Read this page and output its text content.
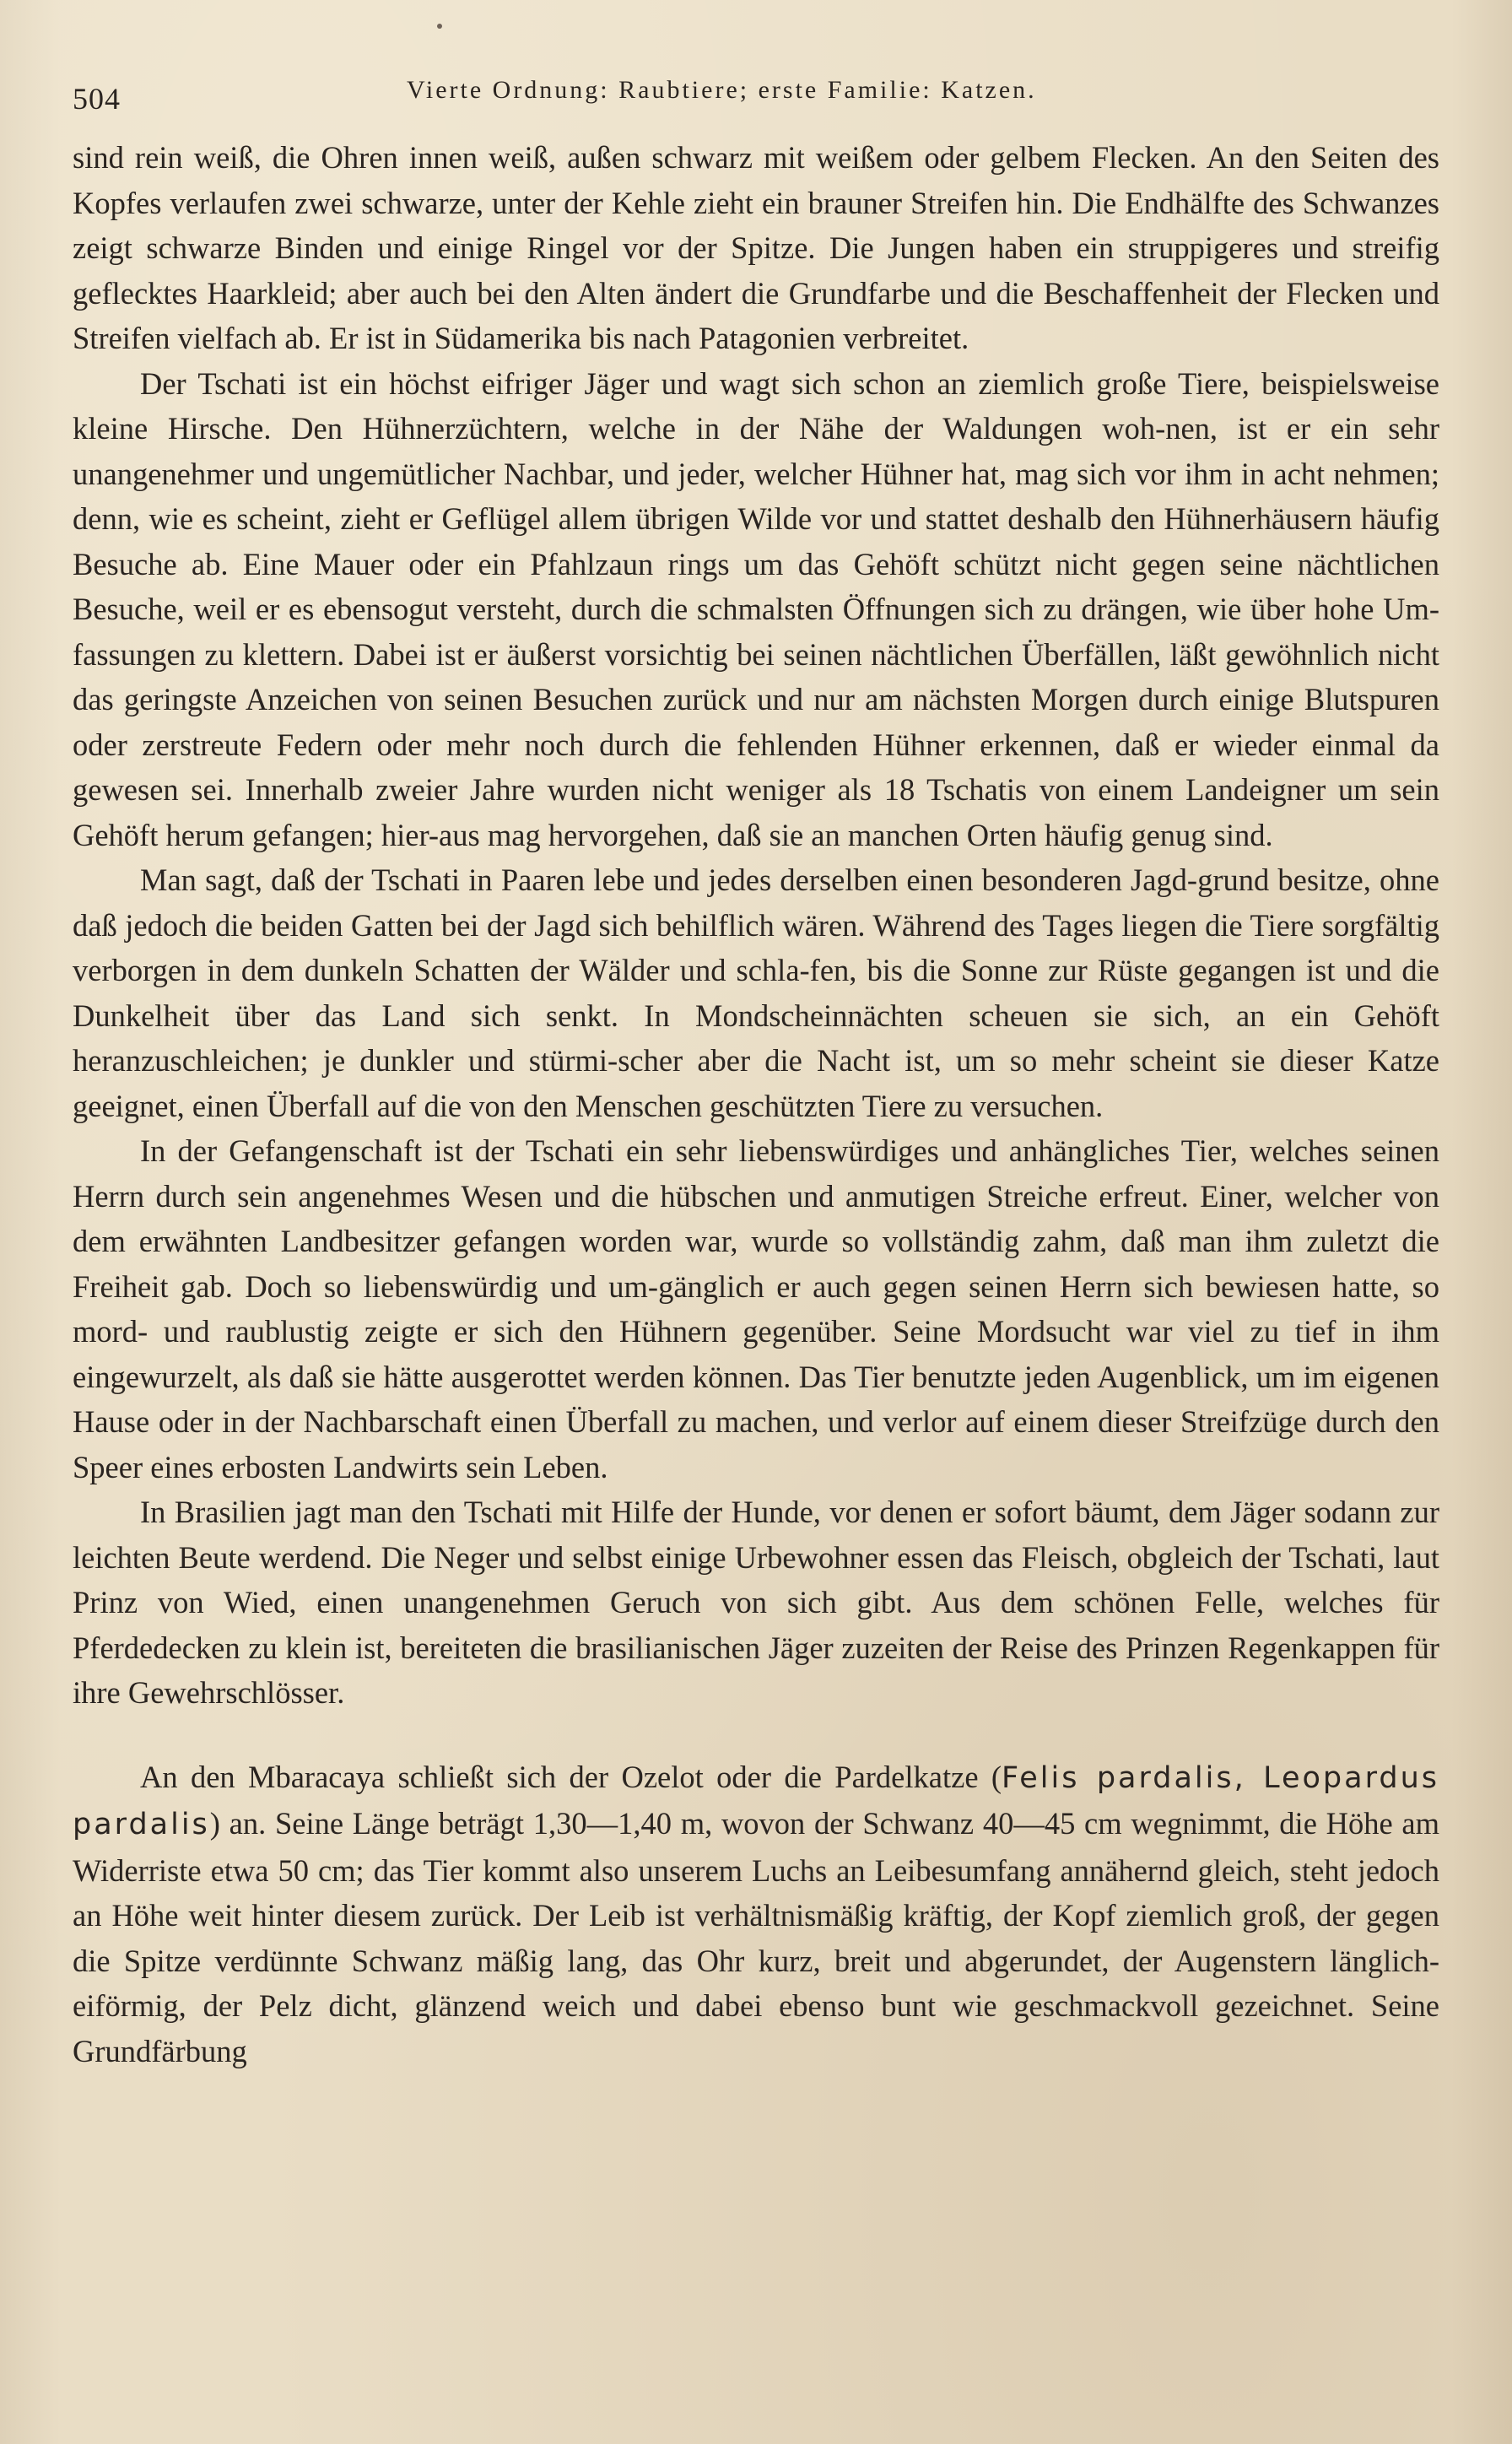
504	Vierte Ordnung: Raubtiere; erste Familie: Katzen.

sind rein weiß, die Ohren innen weiß, außen schwarz mit weißem oder gelbem Flecken. An den Seiten des Kopfes verlaufen zwei schwarze, unter der Kehle zieht ein brauner Streifen hin. Die Endhälfte des Schwanzes zeigt schwarze Binden und einige Ringel vor der Spitze. Die Jungen haben ein struppigeres und streifig geflecktes Haarkleid; aber auch bei den Alten ändert die Grundfarbe und die Beschaffenheit der Flecken und Streifen vielfach ab. Er ist in Südamerika bis nach Patagonien verbreitet.

Der Tschati ist ein höchst eifriger Jäger und wagt sich schon an ziemlich große Tiere, beispielsweise kleine Hirsche. Den Hühnerzüchtern, welche in der Nähe der Waldungen woh-nen, ist er ein sehr unangenehmer und ungemütlicher Nachbar, und jeder, welcher Hühner hat, mag sich vor ihm in acht nehmen; denn, wie es scheint, zieht er Geflügel allem übrigen Wilde vor und stattet deshalb den Hühnerhäusern häufig Besuche ab. Eine Mauer oder ein Pfahlzaun rings um das Gehöft schützt nicht gegen seine nächtlichen Besuche, weil er es ebensogut versteht, durch die schmalsten Öffnungen sich zu drängen, wie über hohe Um-fassungen zu klettern. Dabei ist er äußerst vorsichtig bei seinen nächtlichen Überfällen, läßt gewöhnlich nicht das geringste Anzeichen von seinen Besuchen zurück und nur am nächsten Morgen durch einige Blutspuren oder zerstreute Federn oder mehr noch durch die fehlenden Hühner erkennen, daß er wieder einmal da gewesen sei. Innerhalb zweier Jahre wurden nicht weniger als 18 Tschatis von einem Landeigner um sein Gehöft herum gefangen; hier-aus mag hervorgehen, daß sie an manchen Orten häufig genug sind.

Man sagt, daß der Tschati in Paaren lebe und jedes derselben einen besonderen Jagd-grund besitze, ohne daß jedoch die beiden Gatten bei der Jagd sich behilflich wären. Während des Tages liegen die Tiere sorgfältig verborgen in dem dunkeln Schatten der Wälder und schla-fen, bis die Sonne zur Rüste gegangen ist und die Dunkelheit über das Land sich senkt. In Mondscheinnächten scheuen sie sich, an ein Gehöft heranzuschleichen; je dunkler und stürmi-scher aber die Nacht ist, um so mehr scheint sie dieser Katze geeignet, einen Überfall auf die von den Menschen geschützten Tiere zu versuchen.

In der Gefangenschaft ist der Tschati ein sehr liebenswürdiges und anhängliches Tier, welches seinen Herrn durch sein angenehmes Wesen und die hübschen und anmutigen Streiche erfreut. Einer, welcher von dem erwähnten Landbesitzer gefangen worden war, wurde so vollständig zahm, daß man ihm zuletzt die Freiheit gab. Doch so liebenswürdig und um-gänglich er auch gegen seinen Herrn sich bewiesen hatte, so mord- und raublustig zeigte er sich den Hühnern gegenüber. Seine Mordsucht war viel zu tief in ihm eingewurzelt, als daß sie hätte ausgerottet werden können. Das Tier benutzte jeden Augenblick, um im eigenen Hause oder in der Nachbarschaft einen Überfall zu machen, und verlor auf einem dieser Streifzüge durch den Speer eines erbosten Landwirts sein Leben.

In Brasilien jagt man den Tschati mit Hilfe der Hunde, vor denen er sofort bäumt, dem Jäger sodann zur leichten Beute werdend. Die Neger und selbst einige Urbewohner essen das Fleisch, obgleich der Tschati, laut Prinz von Wied, einen unangenehmen Geruch von sich gibt. Aus dem schönen Felle, welches für Pferdedecken zu klein ist, bereiteten die brasilianischen Jäger zuzeiten der Reise des Prinzen Regenkappen für ihre Gewehrschlösser.

An den Mbaracaya schließt sich der Ozelot oder die Pardelkatze (Felis pardalis, Leopardus pardalis) an. Seine Länge beträgt 1,30—1,40 m, wovon der Schwanz 40—45 cm wegnimmt, die Höhe am Widerriste etwa 50 cm; das Tier kommt also unserem Luchs an Leibesumfang annähernd gleich, steht jedoch an Höhe weit hinter diesem zurück. Der Leib ist verhältnismäßig kräftig, der Kopf ziemlich groß, der gegen die Spitze verdünnte Schwanz mäßig lang, das Ohr kurz, breit und abgerundet, der Augenstern länglich-eiförmig, der Pelz dicht, glänzend weich und dabei ebenso bunt wie geschmackvoll gezeichnet. Seine Grundfärbung
